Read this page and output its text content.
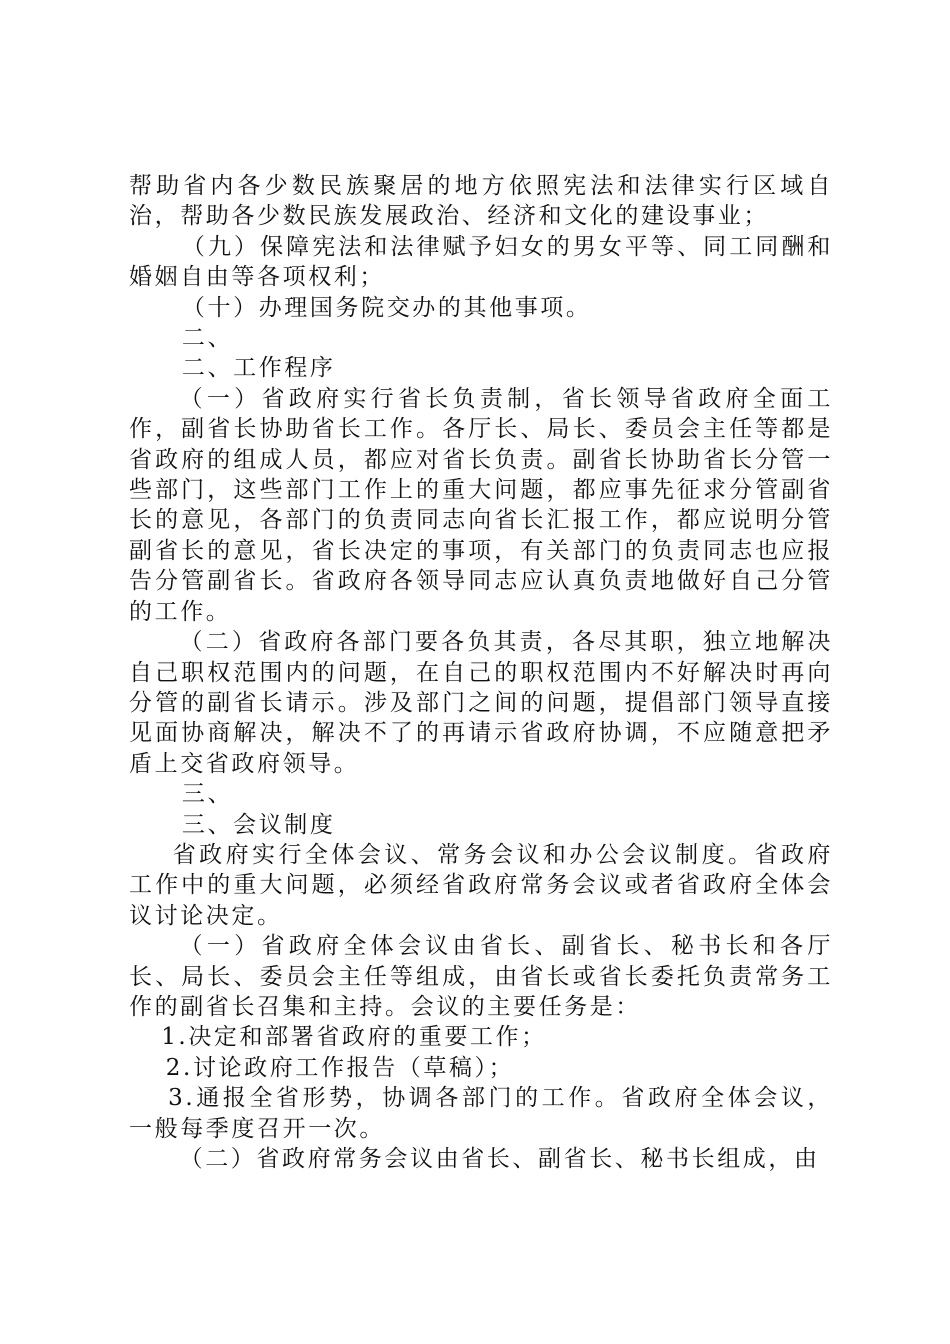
帮助省内各少数民族聚居的地方依照宪法和法律实行区域自治，帮助各少数民族发展政治、经济和文化的建设事业；

（九）保障宪法和法律赋予妇女的男女平等、同工同酬和婚姻自由等各项权利；

（十）办理国务院交办的其他事项。

二、

二、工作程序

（一）省政府实行省长负责制，省长领导省政府全面工作，副省长协助省长工作。各厅长、局长、委员会主任等都是省政府的组成人员，都应对省长负责。副省长协助省长分管一些部门，这些部门工作上的重大问题，都应事先征求分管副省长的意见，各部门的负责同志向省长汇报工作，都应说明分管副省长的意见，省长决定的事项，有关部门的负责同志也应报告分管副省长。省政府各领导同志应认真负责地做好自己分管的工作。

（二）省政府各部门要各负其责，各尽其职，独立地解决自己职权范围内的问题，在自己的职权范围内不好解决时再向分管的副省长请示。涉及部门之间的问题，提倡部门领导直接见面协商解决，解决不了的再请示省政府协调，不应随意把矛盾上交省政府领导。

三、

三、会议制度

省政府实行全体会议、常务会议和办公会议制度。省政府工作中的重大问题，必须经省政府常务会议或者省政府全体会议讨论决定。

（一）省政府全体会议由省长、副省长、秘书长和各厅长、局长、委员会主任等组成，由省长或省长委托负责常务工作的副省长召集和主持。会议的主要任务是：

1.决定和部署省政府的重要工作；

2.讨论政府工作报告（草稿）；

3.通报全省形势，协调各部门的工作。省政府全体会议，一般每季度召开一次。

（二）省政府常务会议由省长、副省长、秘书长组成，由
